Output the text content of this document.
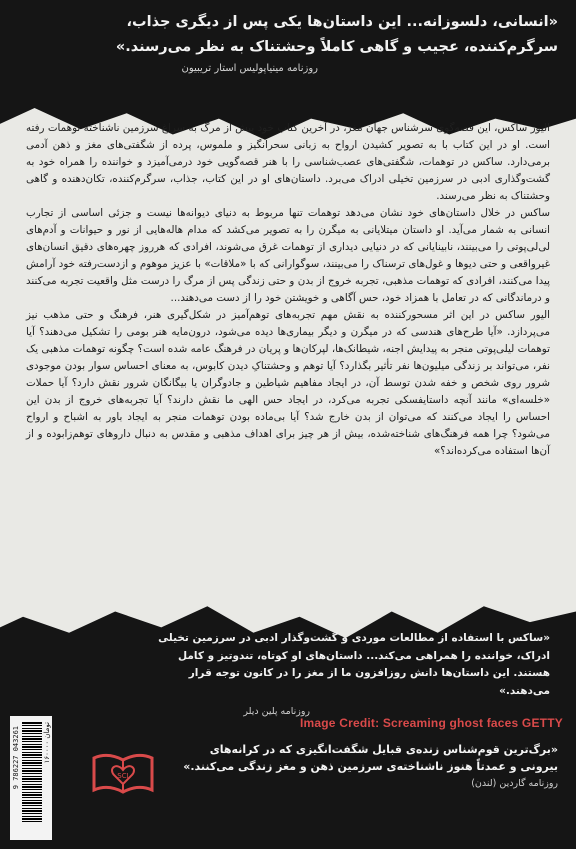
«انسانی، دلسوزانه... این داستان‌ها یکی پس از دیگری جذاب، سرگرم‌کننده، عجیب و گاهی کاملاً وحشتناک به نظر می‌رسند.»
روزنامه مینیاپولیس استار تریبیون

الیور ساکس، این قصه‌گوی سرشناس جهان مغز، در آخرین کتاب خود پیش از مرگ به سراغ سرزمین ناشناخته توهمات رفته است. او در این کتاب با به تصویر کشیدن ارواح به زبانی سحرانگیز و ملموس، پرده از شگفتی‌های مغز و ذهن آدمی برمی‌دارد. ساکس در توهمات، شگفتی‌های عصب‌شناسی را با هنر قصه‌گویی خود درمی‌آمیزد و خواننده را همراه خود به گشت‌وگذاری ادبی در سرزمین تخیلی ادراک می‌برد. داستان‌های او در این کتاب، جذاب، سرگرم‌کننده، تکان‌دهنده و گاهی وحشتناک به نظر می‌رسند.

ساکس در خلال داستان‌های خود نشان می‌دهد توهمات تنها مربوط به دنیای دیوانه‌ها نیست و جزئی اساسی از تجارب انسانی به شمار می‌آید. او داستان میتلایانی به میگرن را به تصویر می‌کشد که مدام هاله‌هایی از نور و حیوانات و آدم‌های لی‌لی‌پوتی را می‌بینند، نابینایانی که در دنیایی دیداری از توهمات غرق می‌شوند، افرادی که هرروز چهره‌های دقیق انسان‌های غیرواقعی و حتی دیوها و غول‌های ترسناک را می‌بینند، سوگوارانی که با «ملاقات» با عزیز موهوم و ازدست‌رفته خود آرامش پیدا می‌کنند، افرادی که توهمات مذهبی، تجربه خروج از بدن و حتی زندگی پس از مرگ را درست مثل واقعیت تجربه می‌کنند و درماندگانی که در تعامل با همزاد خود، حس آگاهی و خویشتن خود را از دست می‌دهند...

الیور ساکس در این اثر مسحورکننده به نقش مهم تجربه‌های توهم‌آمیز در شکل‌گیری هنر، فرهنگ و حتی مذهب نیز می‌پردازد. «آیا طرح‌های هندسی که در میگرن و دیگر بیماری‌ها دیده می‌شود، درون‌مایه هنر بومی را تشکیل می‌دهند؟ آیا توهمات لیلی‌پوتی منجر به پیدایش اجنه، شیطانک‌ها، لپرکان‌ها و پریان در فرهنگ عامه شده است؟ چگونه توهمات مذهبی یک نفر، می‌تواند بر زندگی میلیون‌ها نفر تأثیر بگذارد؟ آیا توهم و وحشتناکِ دیدن کابوس، به معنای احساس سوار بودن موجودی شرور روی شخص و خفه شدن توسط آن، در ایجاد مفاهیم شیاطین و جادوگران یا بیگانگان شرور نقش دارد؟ آیا حملات «خلسه‌ای» مانند آنچه داستایفسکی تجربه می‌کرد، در ایجاد حس الهی ما نقش دارند؟ آیا تجربه‌های خروج از بدن این احساس را ایجاد می‌کنند که می‌توان از بدن خارج شد؟ آیا بی‌ماده بودن توهمات منجر به ایجاد باور به اشباح و ارواح می‌شود؟ چرا همه فرهنگ‌های شناخته‌شده، بیش از هر چیز برای اهداف مذهبی و مقدس به دنبال داروهای توهم‌زابوده و از آن‌ها استفاده می‌کرده‌اند؟»

«ساکس با استفاده از مطالعات موردی و گشت‌وگذار ادبی در سرزمین تخیلی ادراک، خواننده را همراهی می‌کند... داستان‌های او کوتاه، تندوتیز و کامل هستند. این داستان‌ها دانش روزافزون ما از مغز را در کانون توجه قرار می‌دهند.»
روزنامه پلین دیلر
Image Credit: Screaming ghost faces GETTY
«برگ‌ترین قوم‌شناس زنده‌ی قبایل شگفت‌انگیزی که در کرانه‌های بیرونی و عمدتاً هنوز ناشناخته‌ی سرزمین ذهن و مغز زندگی می‌کنند.»
روزنامه گاردین (لندن)
SCI
9 786227 043261	۱۶۰۰۰۰ تومان
